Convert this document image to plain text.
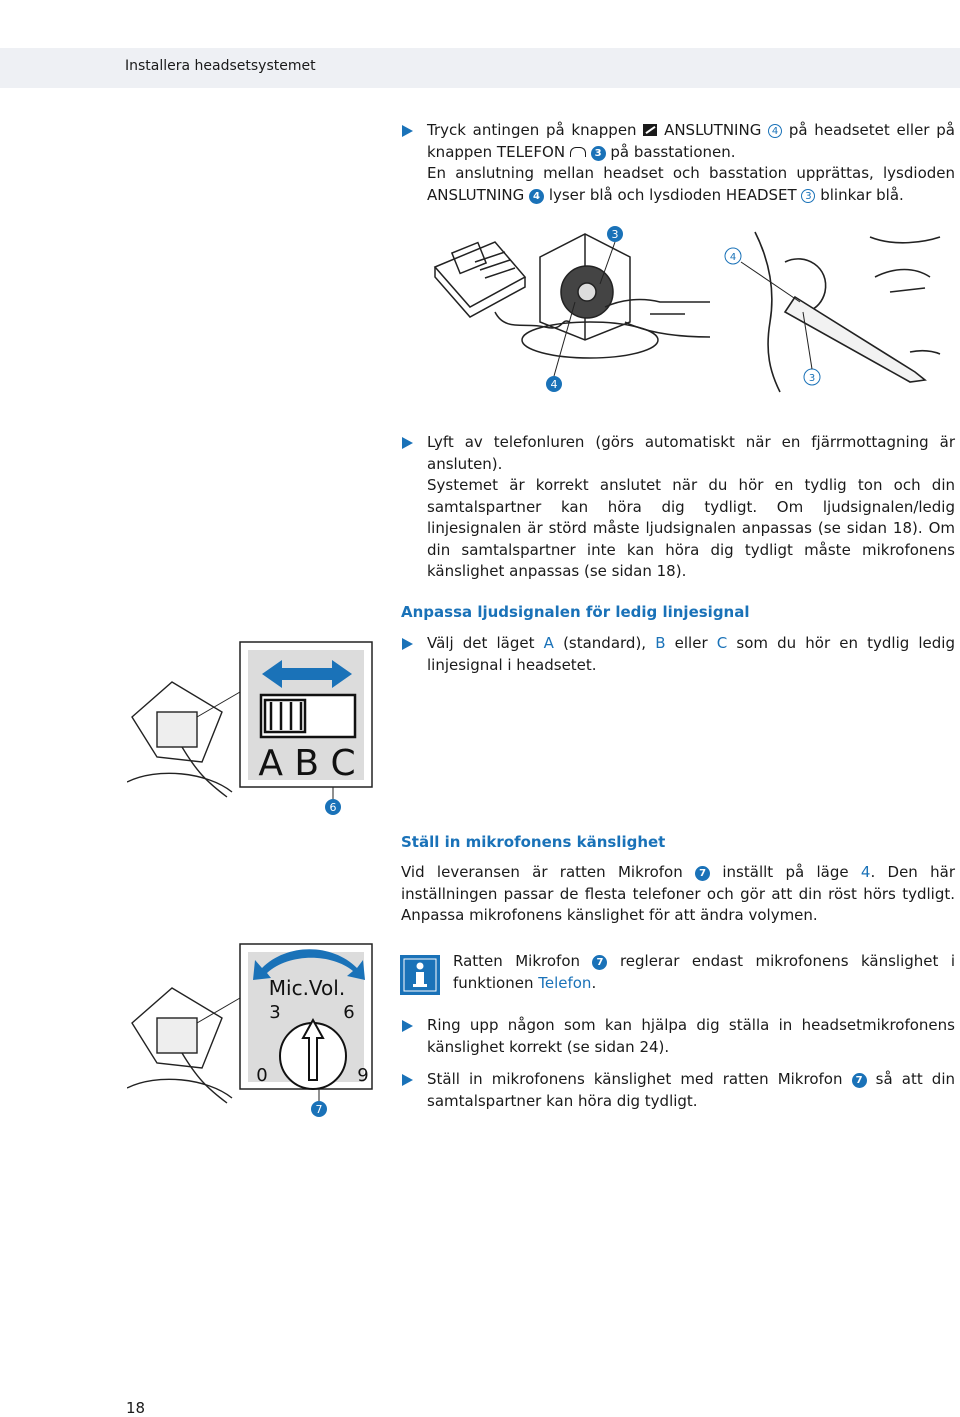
Installera headsetsystemet
Tryck antingen på knappen ANSLUTNING 4 på headsetet eller på knappen TELEFON	3 på basstationen.
En anslutning mellan headset och basstation upprättas, lysdioden ANSLUTNING 4 lyser blå och lysdioden HEADSET 3 blinkar blå.
3
4
4	3
Lyft av telefonluren (görs automatiskt när en fjärrmottagning är ansluten).
Systemet är korrekt anslutet när du hör en tydlig ton och din samtalspartner kan höra dig tydligt. Om ljudsignalen/ledig linjesignalen är störd måste ljudsignalen anpassas (se sidan 18). Om din samtalspartner inte kan höra dig tydligt måste mikrofonens känslighet anpassas (se sidan 18).
Anpassa ljudsignalen för ledig linjesignal
Välj det läget A (standard), B eller C som du hör en tydlig ledig linjesignal i headsetet.
A B C
6
Ställ in mikrofonens känslighet
Vid leveransen är ratten Mikrofon 7 inställt på läge 4. Den här inställningen passar de flesta telefoner och gör att din röst hörs tydligt. Anpassa mikrofonens känslighet för att ändra volymen.
Ratten Mikrofon 7 reglerar endast mikrofonens känslighet i funktionen Telefon.
Ring upp någon som kan hjälpa dig ställa in headsetmikrofonens känslighet korrekt (se sidan 24).
Ställ in mikrofonens känslighet med ratten Mikrofon 7 så att din samtalspartner kan höra dig tydligt.
Mic.Vol.
3	6
0	9
7
18
